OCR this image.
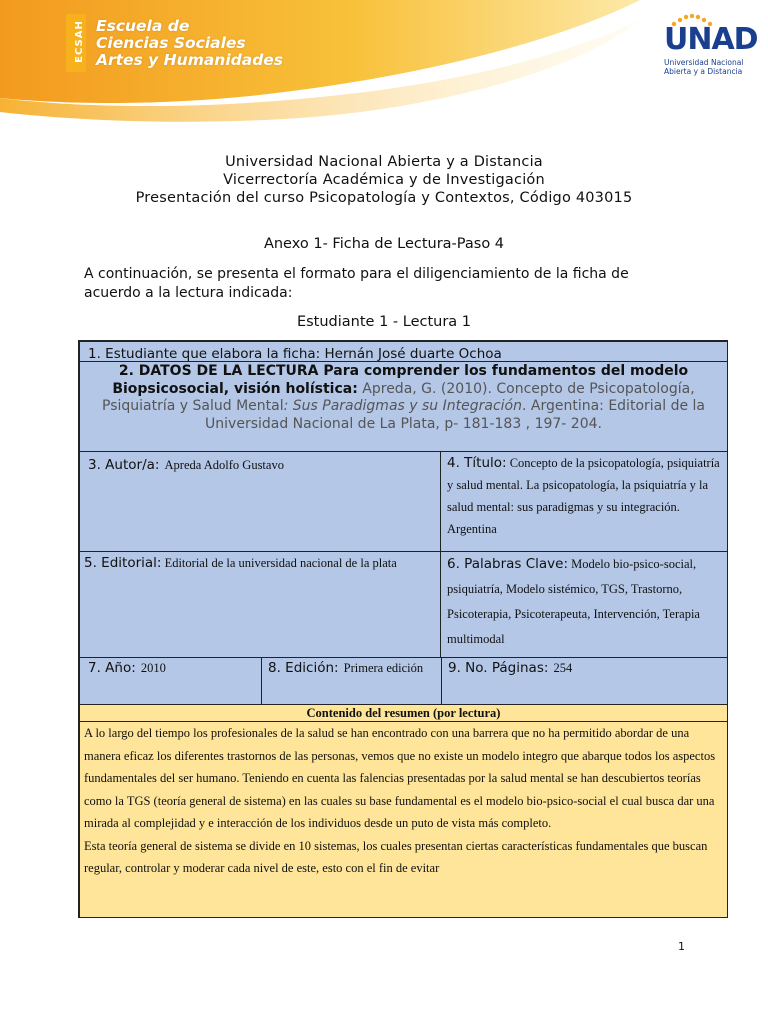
ECSAH Escuela de
Ciencias Sociales
Artes y Humanidades
UNAD
Universidad Nacional
Abierta y a Distancia
Universidad Nacional Abierta y a Distancia
Vicerrectoría Académica y de Investigación
Presentación del curso Psicopatología y Contextos, Código 403015
Anexo 1- Ficha de Lectura-Paso 4
A continuación, se presenta el formato para el diligenciamiento de la ficha de acuerdo a la lectura indicada:
Estudiante 1 - Lectura 1
1. Estudiante que elabora la ficha: Hernán José duarte Ochoa
2. DATOS DE LA LECTURA Para comprender los fundamentos del modelo Biopsicosocial, visión holística: Apreda, G. (2010). Concepto de Psicopatología, Psiquiatría y Salud Mental: Sus Paradigmas y su Integración. Argentina: Editorial de la Universidad Nacional de La Plata, p- 181-183 , 197- 204.
3. Autor/a: Apreda Adolfo Gustavo	4. Título: Concepto de la psicopatología, psiquiatría y salud mental. La psicopatología, la psiquiatría y la salud mental: sus paradigmas y su integración. Argentina
5. Editorial: Editorial de la universidad nacional de la plata	6. Palabras Clave: Modelo bio-psico-social, psiquiatría, Modelo sistémico, TGS, Trastorno, Psicoterapia, Psicoterapeuta, Intervención, Terapia multimodal
7. Año: 2010	8. Edición: Primera edición	9. No. Páginas: 254
Contenido del resumen (por lectura)
A lo largo del tiempo los profesionales de la salud se han encontrado con una barrera que no ha permitido abordar de una manera eficaz los diferentes trastornos de las personas, vemos que no existe un modelo integro que abarque todos los aspectos fundamentales del ser humano. Teniendo en cuenta las falencias presentadas por la salud mental se han descubiertos teorías como la TGS (teoría general de sistema) en las cuales su base fundamental es el modelo bio-psico-social el cual busca dar una mirada al complejidad y e interacción de los individuos desde un puto de vista más completo.
Esta teoría general de sistema se divide en 10 sistemas, los cuales presentan ciertas características fundamentales que buscan regular, controlar y moderar cada nivel de este, esto con el fin de evitar
1
